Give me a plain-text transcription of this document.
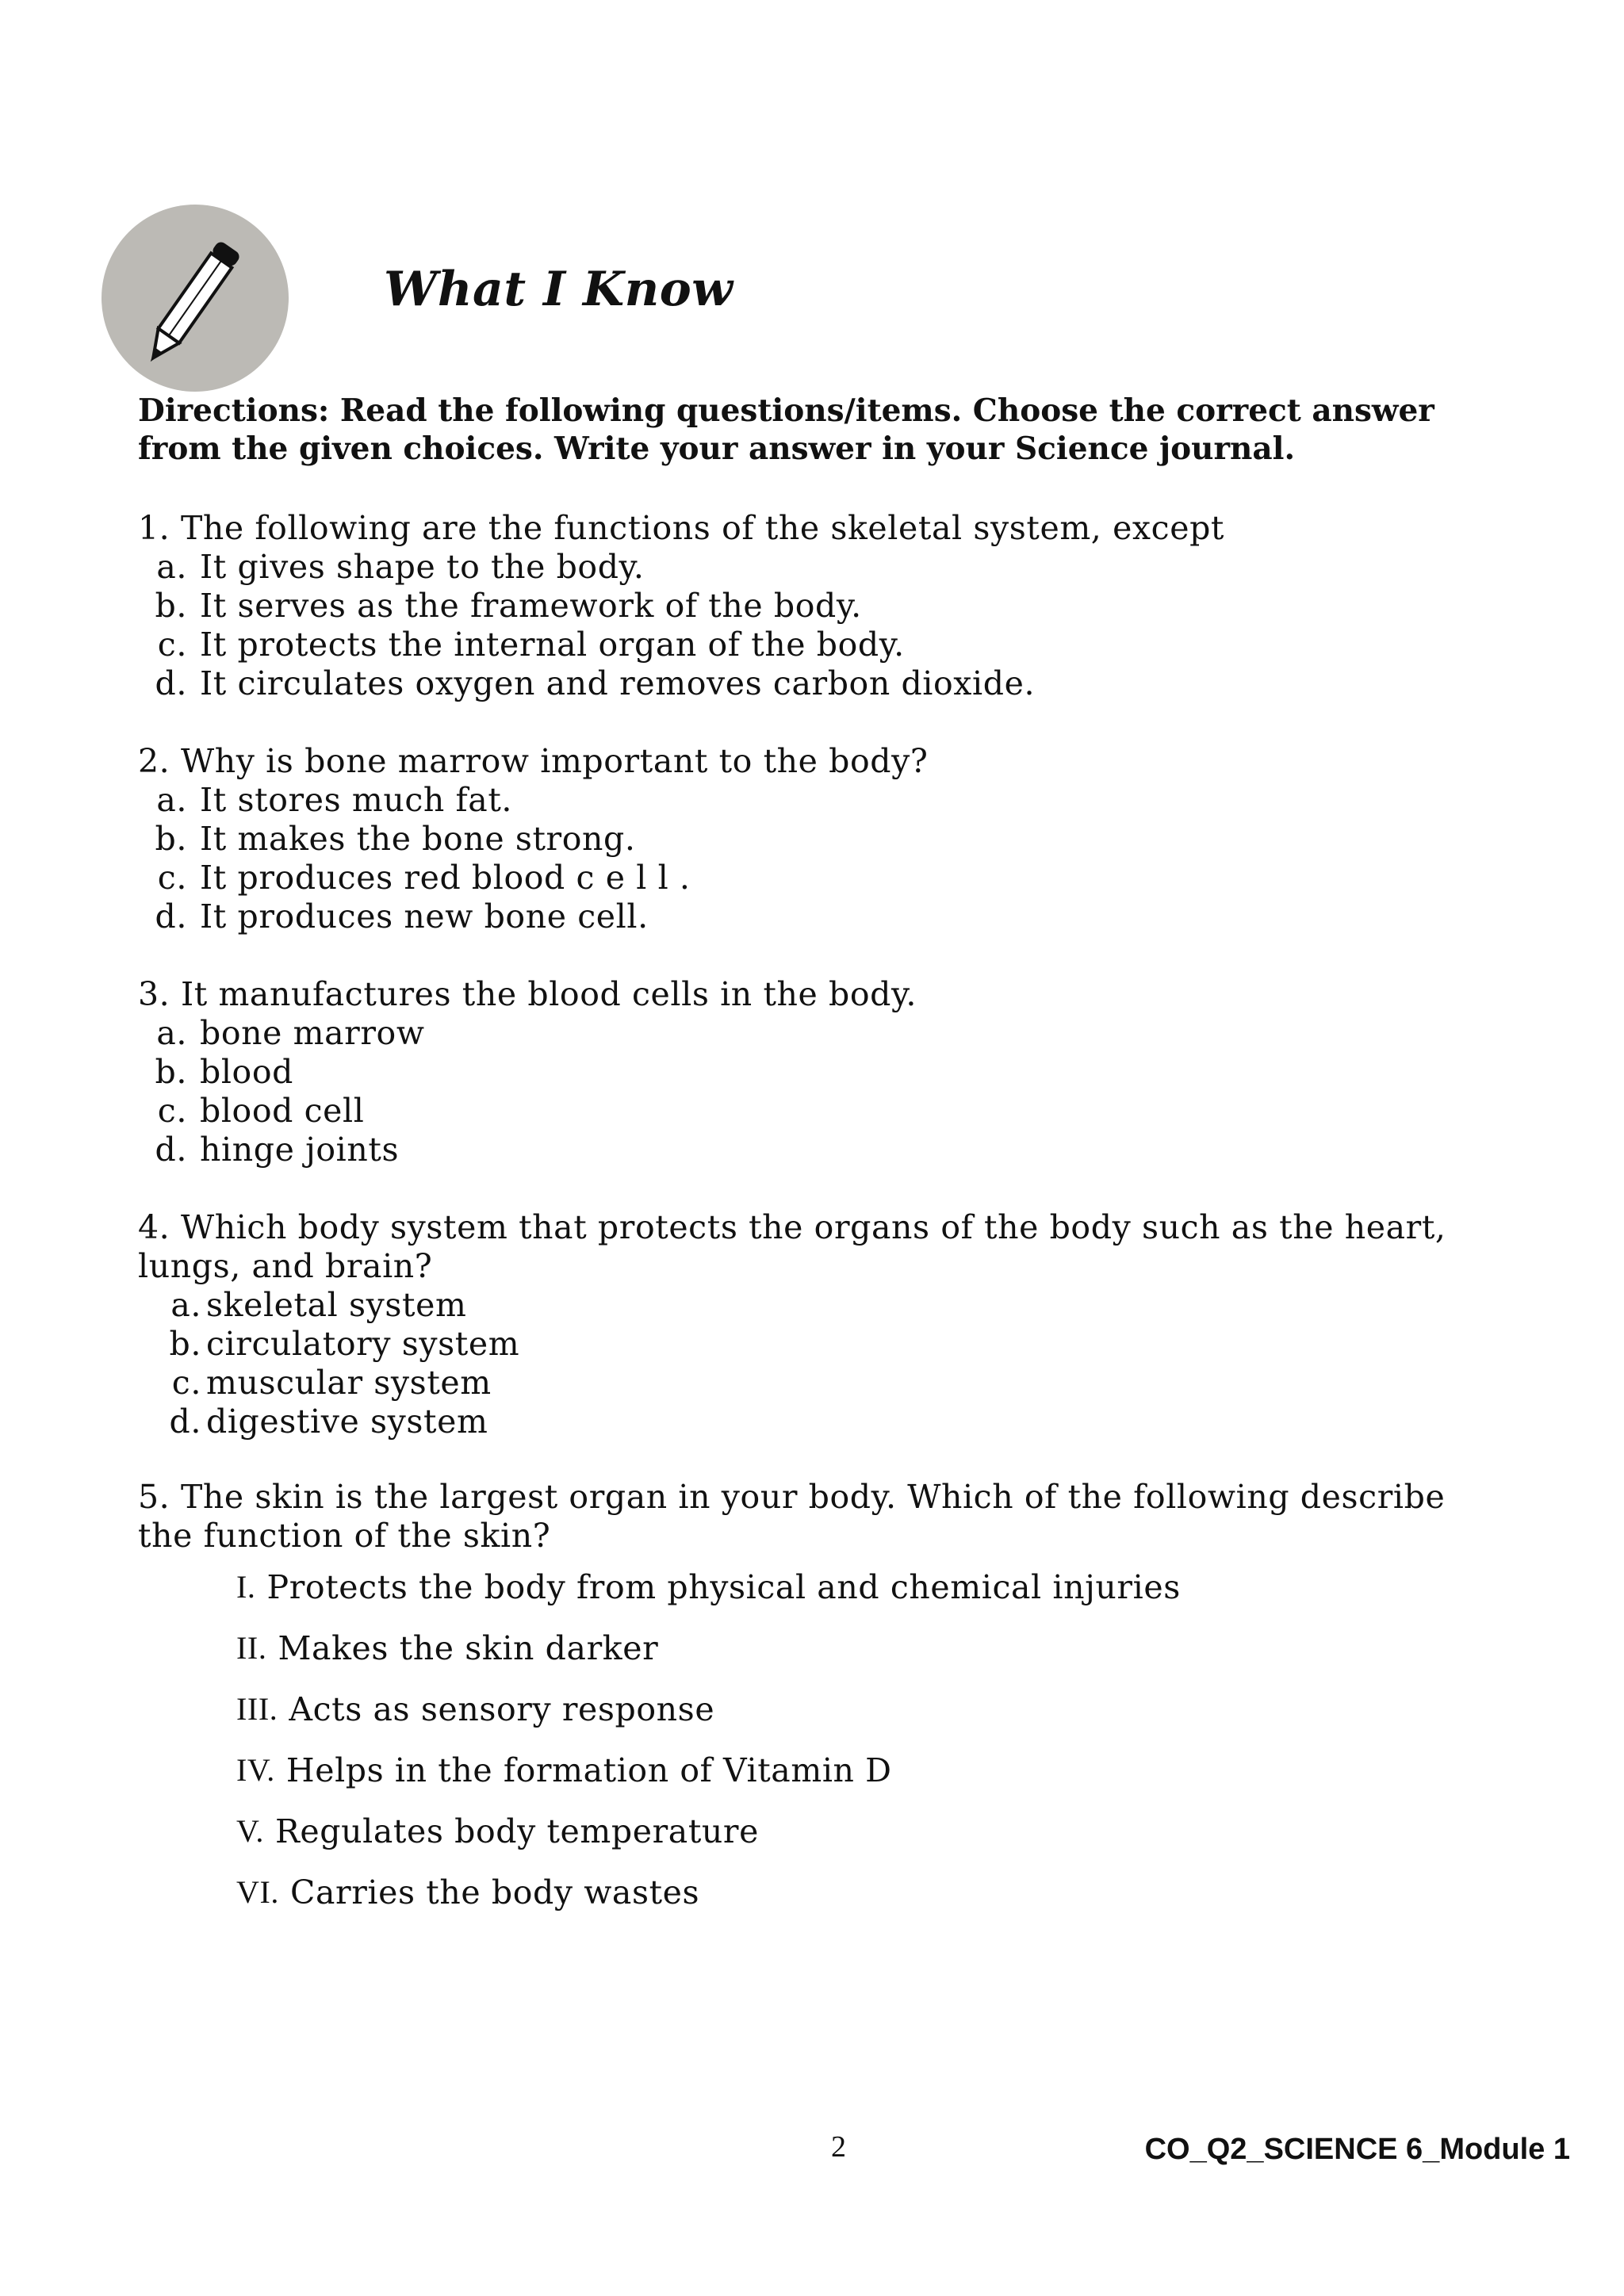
What I Know

Directions: Read the following questions/items. Choose the correct answer from the given choices. Write your answer in your Science journal.

1. The following are the functions of the skeletal system, except
a. It gives shape to the body.
b. It serves as the framework of the body.
c. It protects the internal organ of the body.
d. It circulates oxygen and removes carbon dioxide.
2. Why is bone marrow important to the body?
a. It stores much fat.
b. It makes the bone strong.
c. It produces red blood c e l l .
d. It produces new bone cell.
3. It manufactures the blood cells in the body.
a. bone marrow
b. blood
c. blood cell
d. hinge joints
4. Which body system that protects the organs of the body such as the heart, lungs, and brain?
a. skeletal system
b. circulatory system
c. muscular system
d. digestive system
5. The skin is the largest organ in your body. Which of the following describe the function of the skin?
I. Protects the body from physical and chemical injuries
II. Makes the skin darker
III. Acts as sensory response
IV. Helps in the formation of Vitamin D
V. Regulates body temperature
VI. Carries the body wastes
2	CO_Q2_SCIENCE 6_Module 1
